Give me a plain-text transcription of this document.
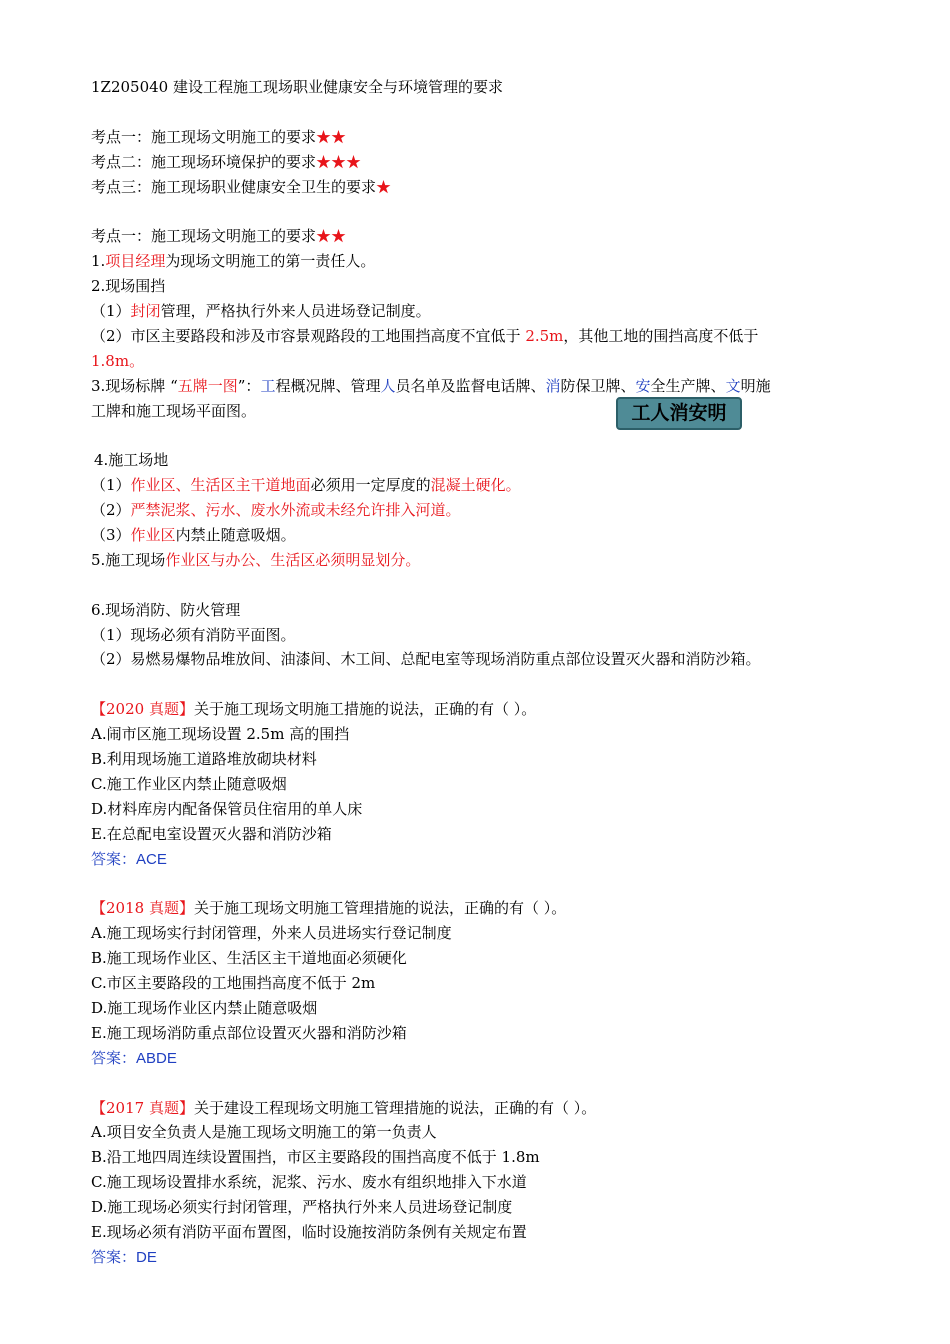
1Z205040 建设工程施工现场职业健康安全与环境管理的要求
考点一：施工现场文明施工的要求★★
考点二：施工现场环境保护的要求★★★
考点三：施工现场职业健康安全卫生的要求★
考点一：施工现场文明施工的要求★★
1.项目经理为现场文明施工的第一责任人。
2.现场围挡
（1）封闭管理，严格执行外来人员进场登记制度。
（2）市区主要路段和涉及市容景观路段的工地围挡高度不宜低于 2.5m，其他工地的围挡高度不低于
1.8m。
3.现场标牌 “五牌一图”：工程概况牌、管理人员名单及监督电话牌、消防保卫牌、安全生产牌、文明施
工牌和施工现场平面图。
4.施工场地
（1）作业区、生活区主干道地面必须用一定厚度的混凝土硬化。
（2）严禁泥浆、污水、废水外流或未经允许排入河道。
（3）作业区内禁止随意吸烟。
5.施工现场作业区与办公、生活区必须明显划分。
6.现场消防、防火管理
（1）现场必须有消防平面图。
（2）易燃易爆物品堆放间、油漆间、木工间、总配电室等现场消防重点部位设置灭火器和消防沙箱。
【2020 真题】关于施工现场文明施工措施的说法，正确的有（ ）。
A.闹市区施工现场设置 2.5m 高的围挡
B.利用现场施工道路堆放砌块材料
C.施工作业区内禁止随意吸烟
D.材料库房内配备保管员住宿用的单人床
E.在总配电室设置灭火器和消防沙箱
答案：ACE
【2018 真题】关于施工现场文明施工管理措施的说法，正确的有（ ）。
A.施工现场实行封闭管理，外来人员进场实行登记制度
B.施工现场作业区、生活区主干道地面必须硬化
C.市区主要路段的工地围挡高度不低于 2m
D.施工现场作业区内禁止随意吸烟
E.施工现场消防重点部位设置灭火器和消防沙箱
答案：ABDE
【2017 真题】关于建设工程现场文明施工管理措施的说法，正确的有（ ）。
A.项目安全负责人是施工现场文明施工的第一负责人
B.沿工地四周连续设置围挡，市区主要路段的围挡高度不低于 1.8m
C.施工现场设置排水系统，泥浆、污水、废水有组织地排入下水道
D.施工现场必须实行封闭管理，严格执行外来人员进场登记制度
E.现场必须有消防平面布置图，临时设施按消防条例有关规定布置
答案：DE
工人消安明
